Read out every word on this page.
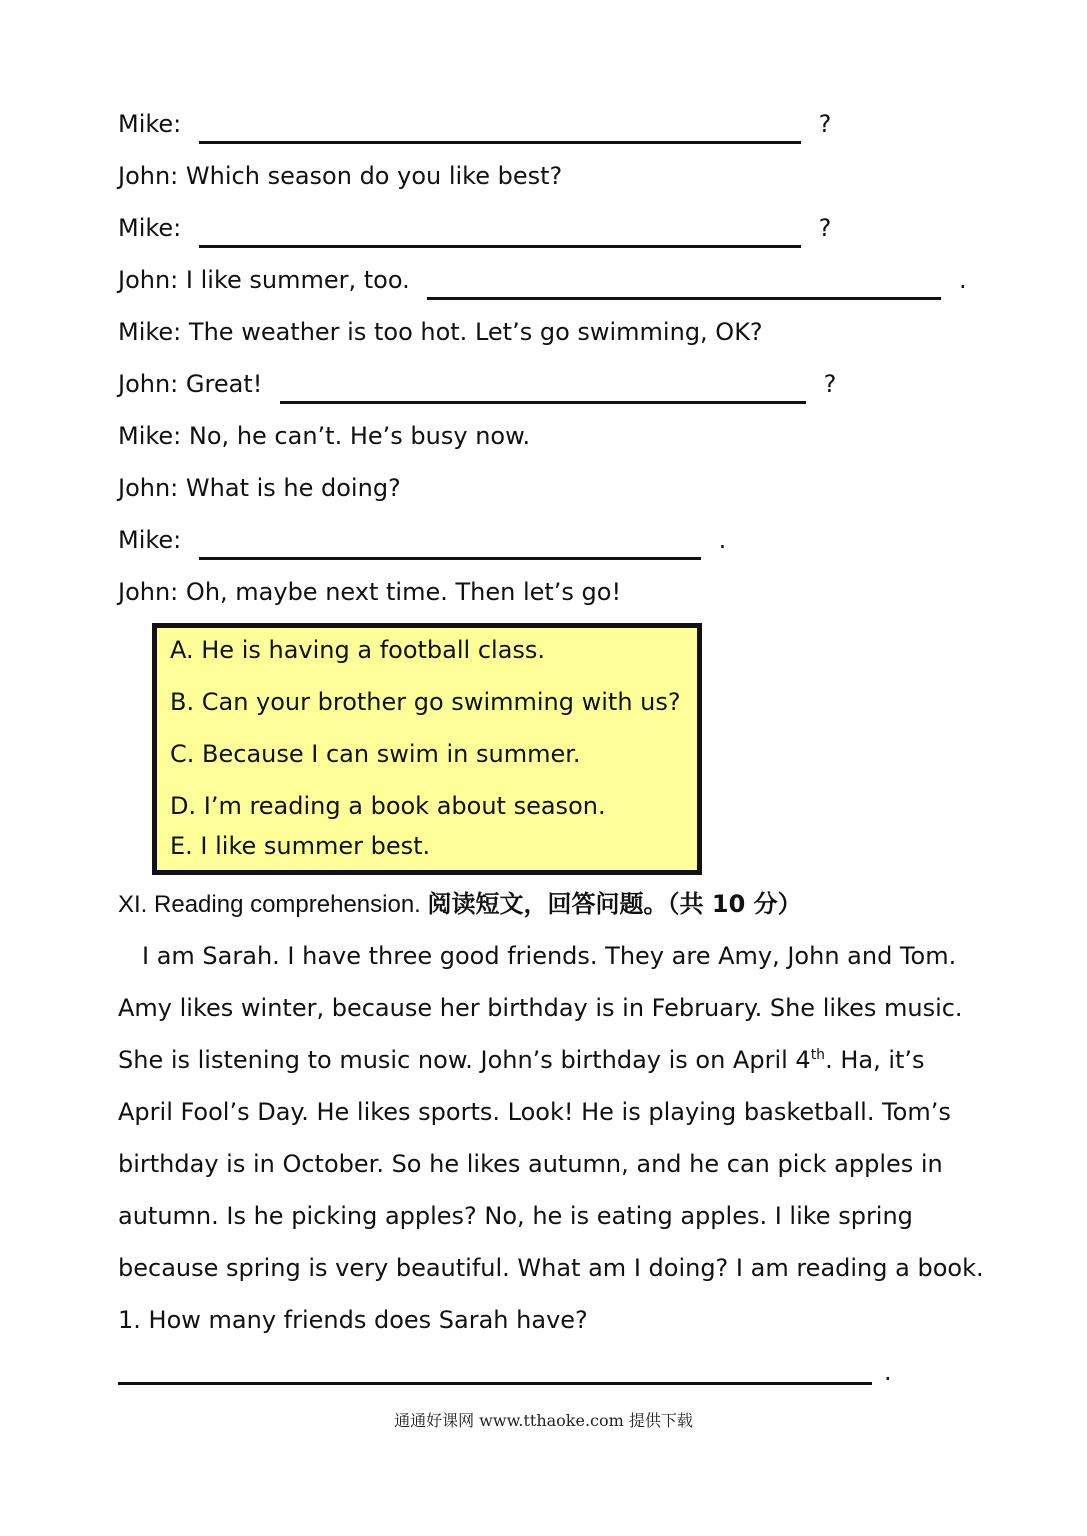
Mike:	?
John: Which season do you like best?
Mike:	?
John: I like summer, too.	.
Mike: The weather is too hot. Let’s go swimming, OK?
John: Great!	?
Mike: No, he can’t. He’s busy now.
John: What is he doing?
Mike:	.
John: Oh, maybe next time. Then let’s go!
A. He is having a football class.
B. Can your brother go swimming with us?
C. Because I can swim in summer.
D. I’m reading a book about season.
E. I like summer best.
XI. Reading comprehension. 阅读短文，回答问题。（共 10 分）
I am Sarah. I have three good friends. They are Amy, John and Tom.
Amy likes winter, because her birthday is in February. She likes music.
She is listening to music now. John’s birthday is on April 4th. Ha, it’s
April Fool’s Day. He likes sports. Look! He is playing basketball. Tom’s
birthday is in October. So he likes autumn, and he can pick apples in
autumn. Is he picking apples? No, he is eating apples. I like spring
because spring is very beautiful. What am I doing? I am reading a book.
1. How many friends does Sarah have?
.
通通好课网 www.tthaoke.com 提供下载
